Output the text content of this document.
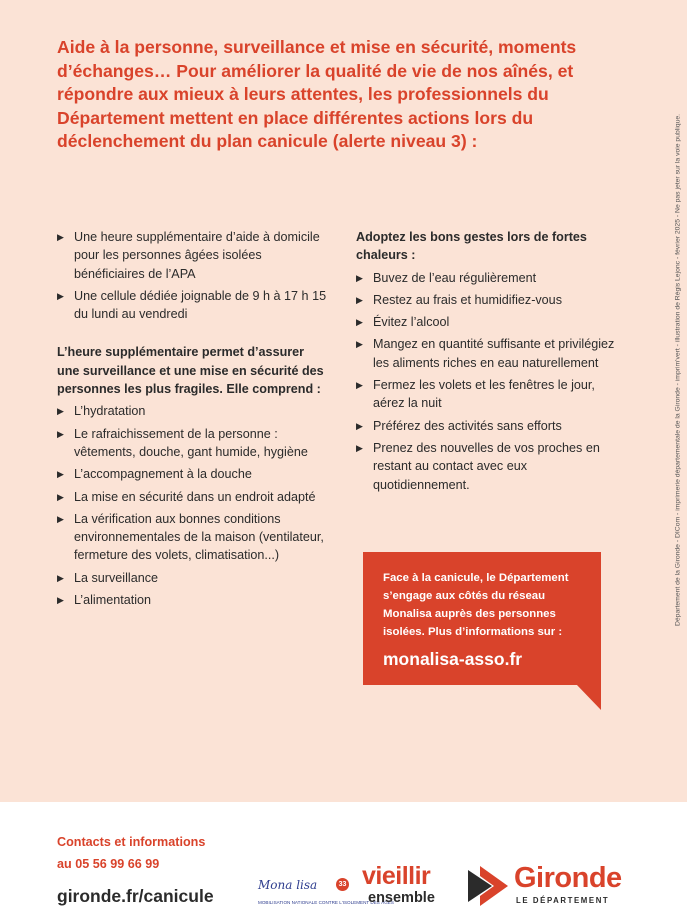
Aide à la personne, surveillance et mise en sécurité, moments d’échanges… Pour améliorer la qualité de vie de nos aînés, et répondre aux mieux à leurs attentes, les professionnels du Département mettent en place différentes actions lors du déclenchement du plan canicule (alerte niveau 3) :

▶ Une heure supplémentaire d’aide à domicile pour les personnes âgées isolées bénéficiaires de l’APA
▶ Une cellule dédiée joignable de 9 h à 17 h 15 du lundi au vendredi

L’heure supplémentaire permet d’assurer une surveillance et une mise en sécurité des personnes les plus fragiles. Elle comprend :

▶ L’hydratation
▶ Le rafraichissement de la personne : vêtements, douche, gant humide, hygiène
▶ L’accompagnement à la douche
▶ La mise en sécurité dans un endroit adapté
▶ La vérification aux bonnes conditions environnementales de la maison (ventilateur, fermeture des volets, climatisation...)
▶ La surveillance
▶ L’alimentation

Adoptez les bons gestes lors de fortes chaleurs :

▶ Buvez de l’eau régulièrement
▶ Restez au frais et humidifiez-vous
▶ Évitez l’alcool
▶ Mangez en quantité suffisante et privilégiez les aliments riches en eau naturellement
▶ Fermez les volets et les fenêtres le jour, aérez la nuit
▶ Préférez des activités sans efforts
▶ Prenez des nouvelles de vos proches en restant au contact avec eux quotidiennement.

Face à la canicule, le Département s’engage aux côtés du réseau Monalisa auprès des personnes isolées. Plus d’informations sur :

monalisa-asso.fr
Département de la Gironde - DICom - imprimerie départementale de la Gironde - imprim'vert - illustration de Régis Lejonc - février 2025 - Ne pas jeter sur la voie publique.
Contacts et informations
au 05 56 99 66 99
gironde.fr/canicule
Mona lisa	33
MOBILISATION NATIONALE CONTRE L'ISOLEMENT DES ÂGÉS
vieillir
ensemble
Gironde
LE DÉPARTEMENT
